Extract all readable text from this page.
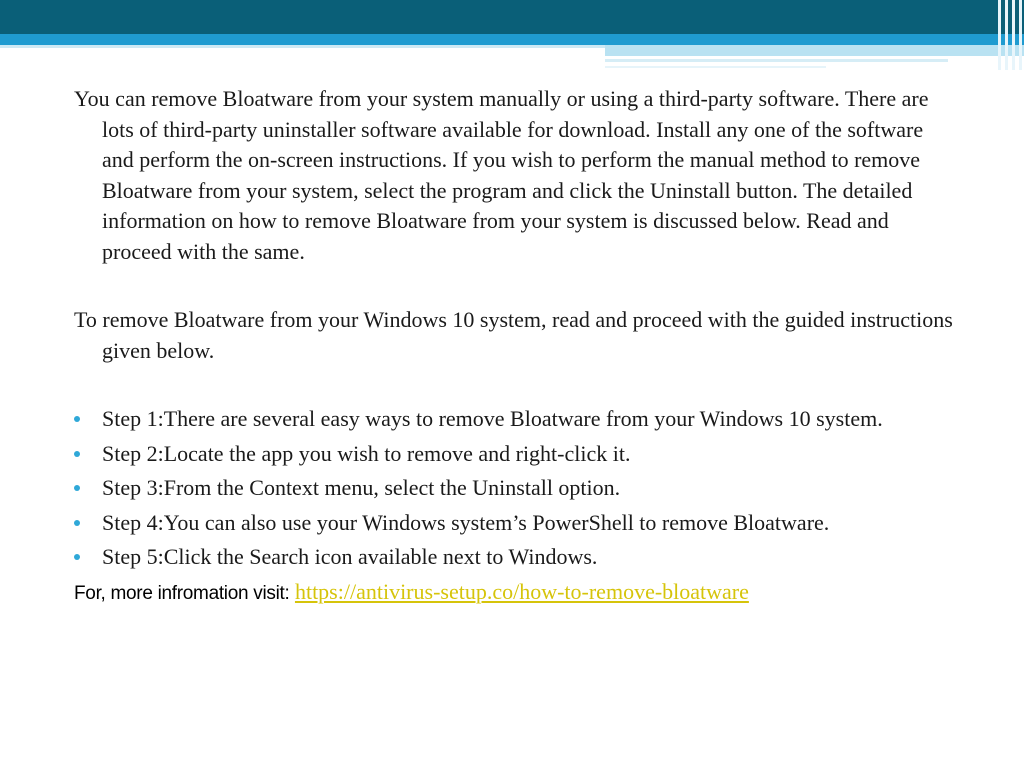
You can remove Bloatware from your system manually or using a third-party software. There are lots of third-party uninstaller software available for download. Install any one of the software and perform the on-screen instructions. If you wish to perform the manual method to remove Bloatware from your system, select the program and click the Uninstall button. The detailed information on how to remove Bloatware from your system is discussed below. Read and proceed with the same.

To remove Bloatware from your Windows 10 system, read and proceed with the guided instructions given below.

Step 1:There are several easy ways to remove Bloatware from your Windows 10 system.
Step 2:Locate the app you wish to remove and right-click it.
Step 3:From the Context menu, select the Uninstall option.
Step 4:You can also use your Windows system’s PowerShell to remove Bloatware.
Step 5:Click the Search icon available next to Windows.
For, more infromation visit: https://antivirus-setup.co/how-to-remove-bloatware
